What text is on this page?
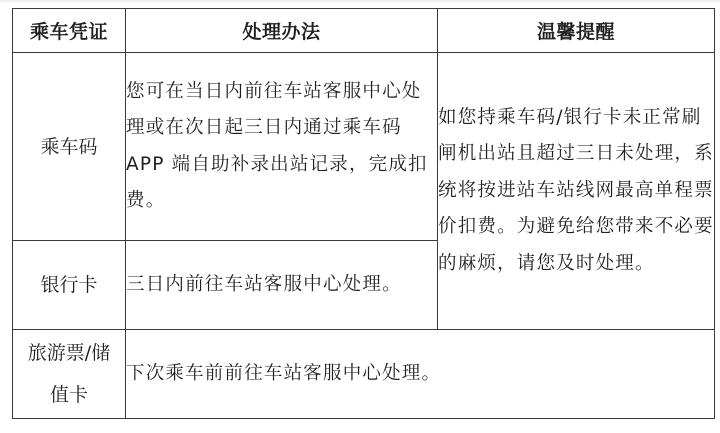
乘车凭证	处理办法	温馨提醒
乘车码	您可在当日内前往车站客服中心处理或在次日起三日内通过乘车码 APP 端自助补录出站记录，完成扣费。	如您持乘车码/银行卡未正常刷闸机出站且超过三日未处理，系统将按进站车站线网最高单程票价扣费。为避免给您带来不必要的麻烦，请您及时处理。
银行卡	三日内前往车站客服中心处理。	
旅游票/储值卡	下次乘车前前往车站客服中心处理。	
